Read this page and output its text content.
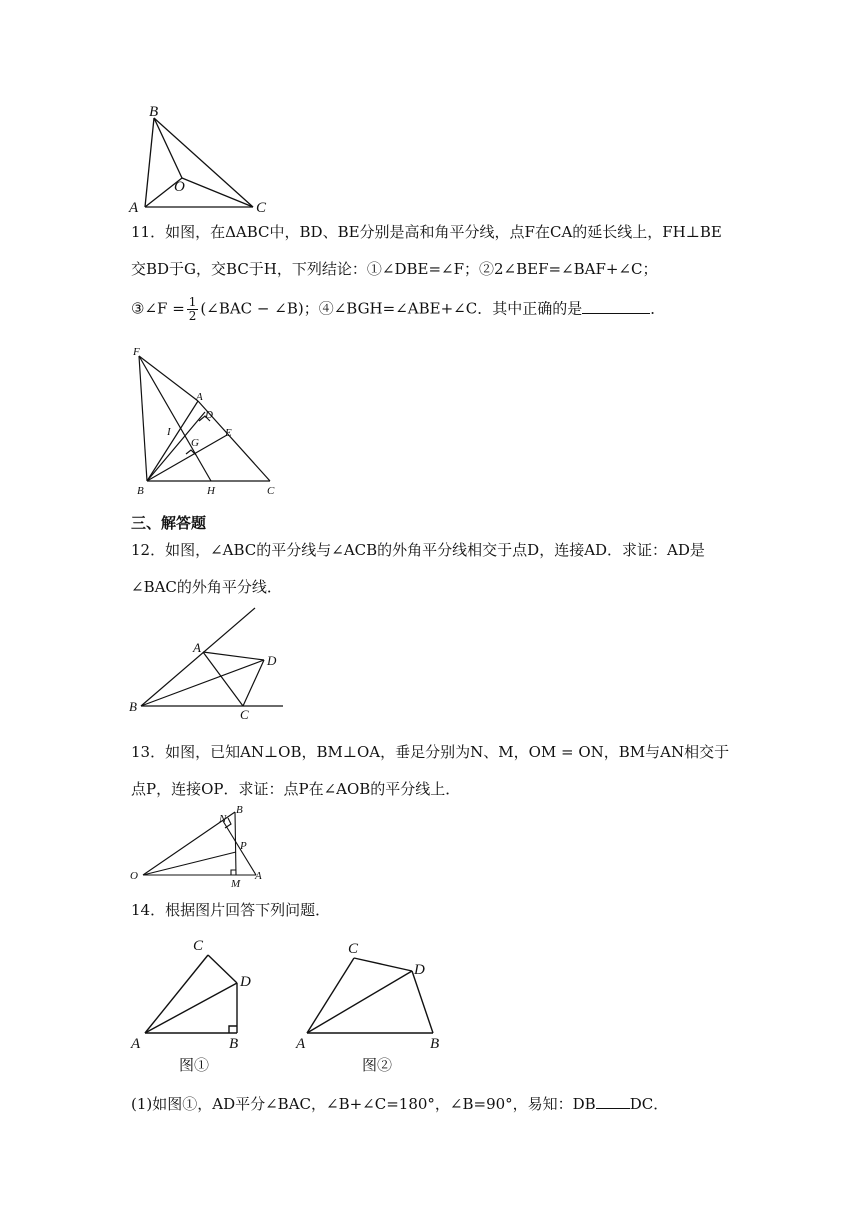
B
A	C
O
11．如图，在ΔABC中，BD、BE分别是高和角平分线，点F在CA的延长线上，FH⊥BE
交BD于G，交BC于H，下列结论：①∠DBE=∠F；②2∠BEF=∠BAF+∠C；
③∠F = $\frac{1}{2}$ (∠BAC − ∠B)；④∠BGH=∠ABE+∠C．其中正确的是	．
F
A
D
I
G
E
B	H	C
三、解答题
12．如图，∠ABC的平分线与∠ACB的外角平分线相交于点D，连接AD．求证：AD是
∠BAC的外角平分线．
A
D
B
C
13．如图，已知AN⊥OB，BM⊥OA，垂足分别为N、M，OM = ON，BM与AN相交于
点P，连接OP．求证：点P在∠AOB的平分线上．
B
N
P
O
M
A
14．根据图片回答下列问题．
C
D
A	B
图①
C
D
A	B
图②
(1)如图①，AD平分∠BAC，∠B+∠C=180°，∠B=90°，易知：DB DC．
